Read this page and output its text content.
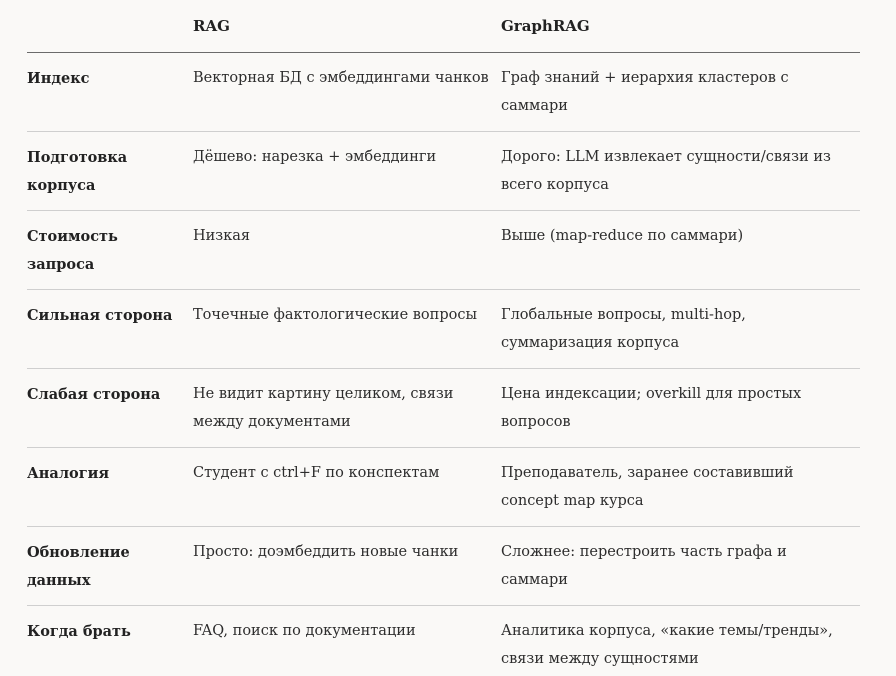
	RAG	GraphRAG
Индекс	Векторная БД с эмбеддингами чанков	Граф знаний + иерархия кластеров с саммари
Подготовка корпуса	Дёшево: нарезка + эмбеддинги	Дорого: LLM извлекает сущности/связи из всего корпуса
Стоимость запроса	Низкая	Выше (map-reduce по саммари)
Сильная сторона	Точечные фактологические вопросы	Глобальные вопросы, multi-hop, суммаризация корпуса
Слабая сторона	Не видит картину целиком, связи между документами	Цена индексации; overkill для простых вопросов
Аналогия	Студент с ctrl+F по конспектам	Преподаватель, заранее составивший concept map курса
Обновление данных	Просто: доэмбеддить новые чанки	Сложнее: перестроить часть графа и саммари
Когда брать	FAQ, поиск по документации	Аналитика корпуса, «какие темы/тренды», связи между сущностями
